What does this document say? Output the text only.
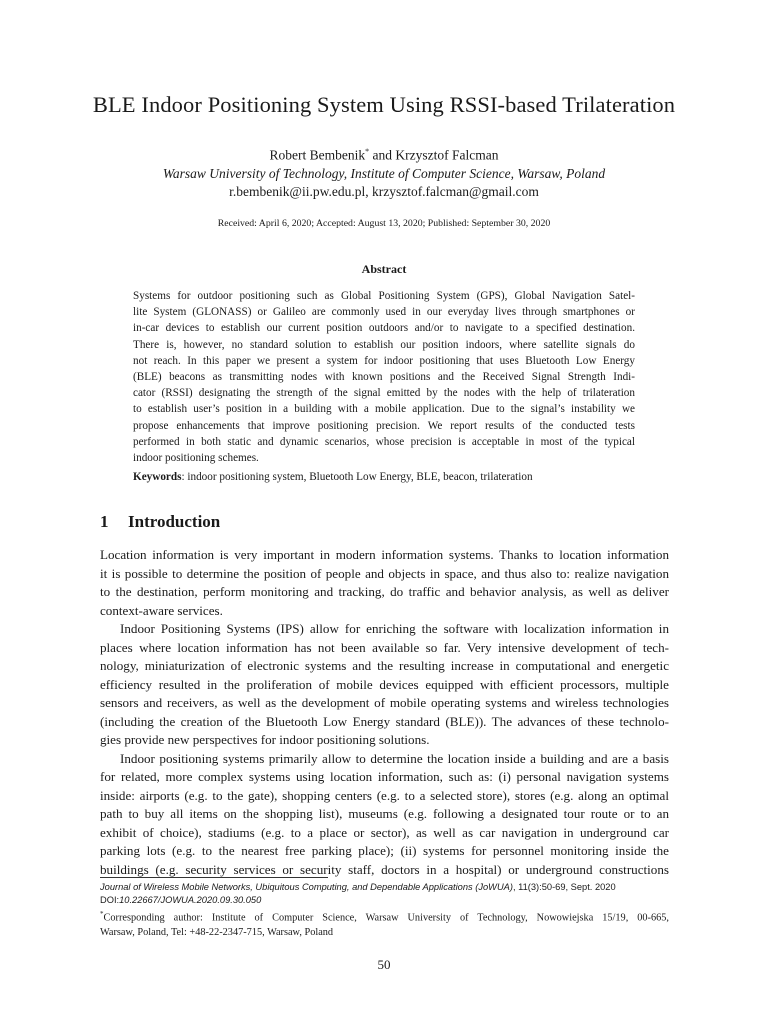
BLE Indoor Positioning System Using RSSI-based Trilateration
Robert Bembenik* and Krzysztof Falcman
Warsaw University of Technology, Institute of Computer Science, Warsaw, Poland
r.bembenik@ii.pw.edu.pl, krzysztof.falcman@gmail.com
Received: April 6, 2020; Accepted: August 13, 2020; Published: September 30, 2020
Abstract
Systems for outdoor positioning such as Global Positioning System (GPS), Global Navigation Satel-
lite System (GLONASS) or Galileo are commonly used in our everyday lives through smartphones or
in-car devices to establish our current position outdoors and/or to navigate to a specified destination.
There is, however, no standard solution to establish our position indoors, where satellite signals do
not reach. In this paper we present a system for indoor positioning that uses Bluetooth Low Energy
(BLE) beacons as transmitting nodes with known positions and the Received Signal Strength Indi-
cator (RSSI) designating the strength of the signal emitted by the nodes with the help of trilateration
to establish user’s position in a building with a mobile application. Due to the signal’s instability we
propose enhancements that improve positioning precision. We report results of the conducted tests
performed in both static and dynamic scenarios, whose precision is acceptable in most of the typical
indoor positioning schemes.
Keywords: indoor positioning system, Bluetooth Low Energy, BLE, beacon, trilateration
1 Introduction
Location information is very important in modern information systems. Thanks to location information
it is possible to determine the position of people and objects in space, and thus also to: realize navigation
to the destination, perform monitoring and tracking, do traffic and behavior analysis, as well as deliver
context-aware services.
Indoor Positioning Systems (IPS) allow for enriching the software with localization information in
places where location information has not been available so far. Very intensive development of tech-
nology, miniaturization of electronic systems and the resulting increase in computational and energetic
efficiency resulted in the proliferation of mobile devices equipped with efficient processors, multiple
sensors and receivers, as well as the development of mobile operating systems and wireless technologies
(including the creation of the Bluetooth Low Energy standard (BLE)). The advances of these technolo-
gies provide new perspectives for indoor positioning solutions.
Indoor positioning systems primarily allow to determine the location inside a building and are a basis
for related, more complex systems using location information, such as: (i) personal navigation systems
inside: airports (e.g. to the gate), shopping centers (e.g. to a selected store), stores (e.g. along an optimal
path to buy all items on the shopping list), museums (e.g. following a designated tour route or to an
exhibit of choice), stadiums (e.g. to a place or sector), as well as car navigation in underground car
parking lots (e.g. to the nearest free parking place); (ii) systems for personnel monitoring inside the
buildings (e.g. security services or security staff, doctors in a hospital) or underground constructions
Journal of Wireless Mobile Networks, Ubiquitous Computing, and Dependable Applications (JoWUA), 11(3):50-69, Sept. 2020
DOI:10.22667/JOWUA.2020.09.30.050
*Corresponding author: Institute of Computer Science, Warsaw University of Technology, Nowowiejska 15/19, 00-665,
Warsaw, Poland, Tel: +48-22-2347-715, Warsaw, Poland
50
